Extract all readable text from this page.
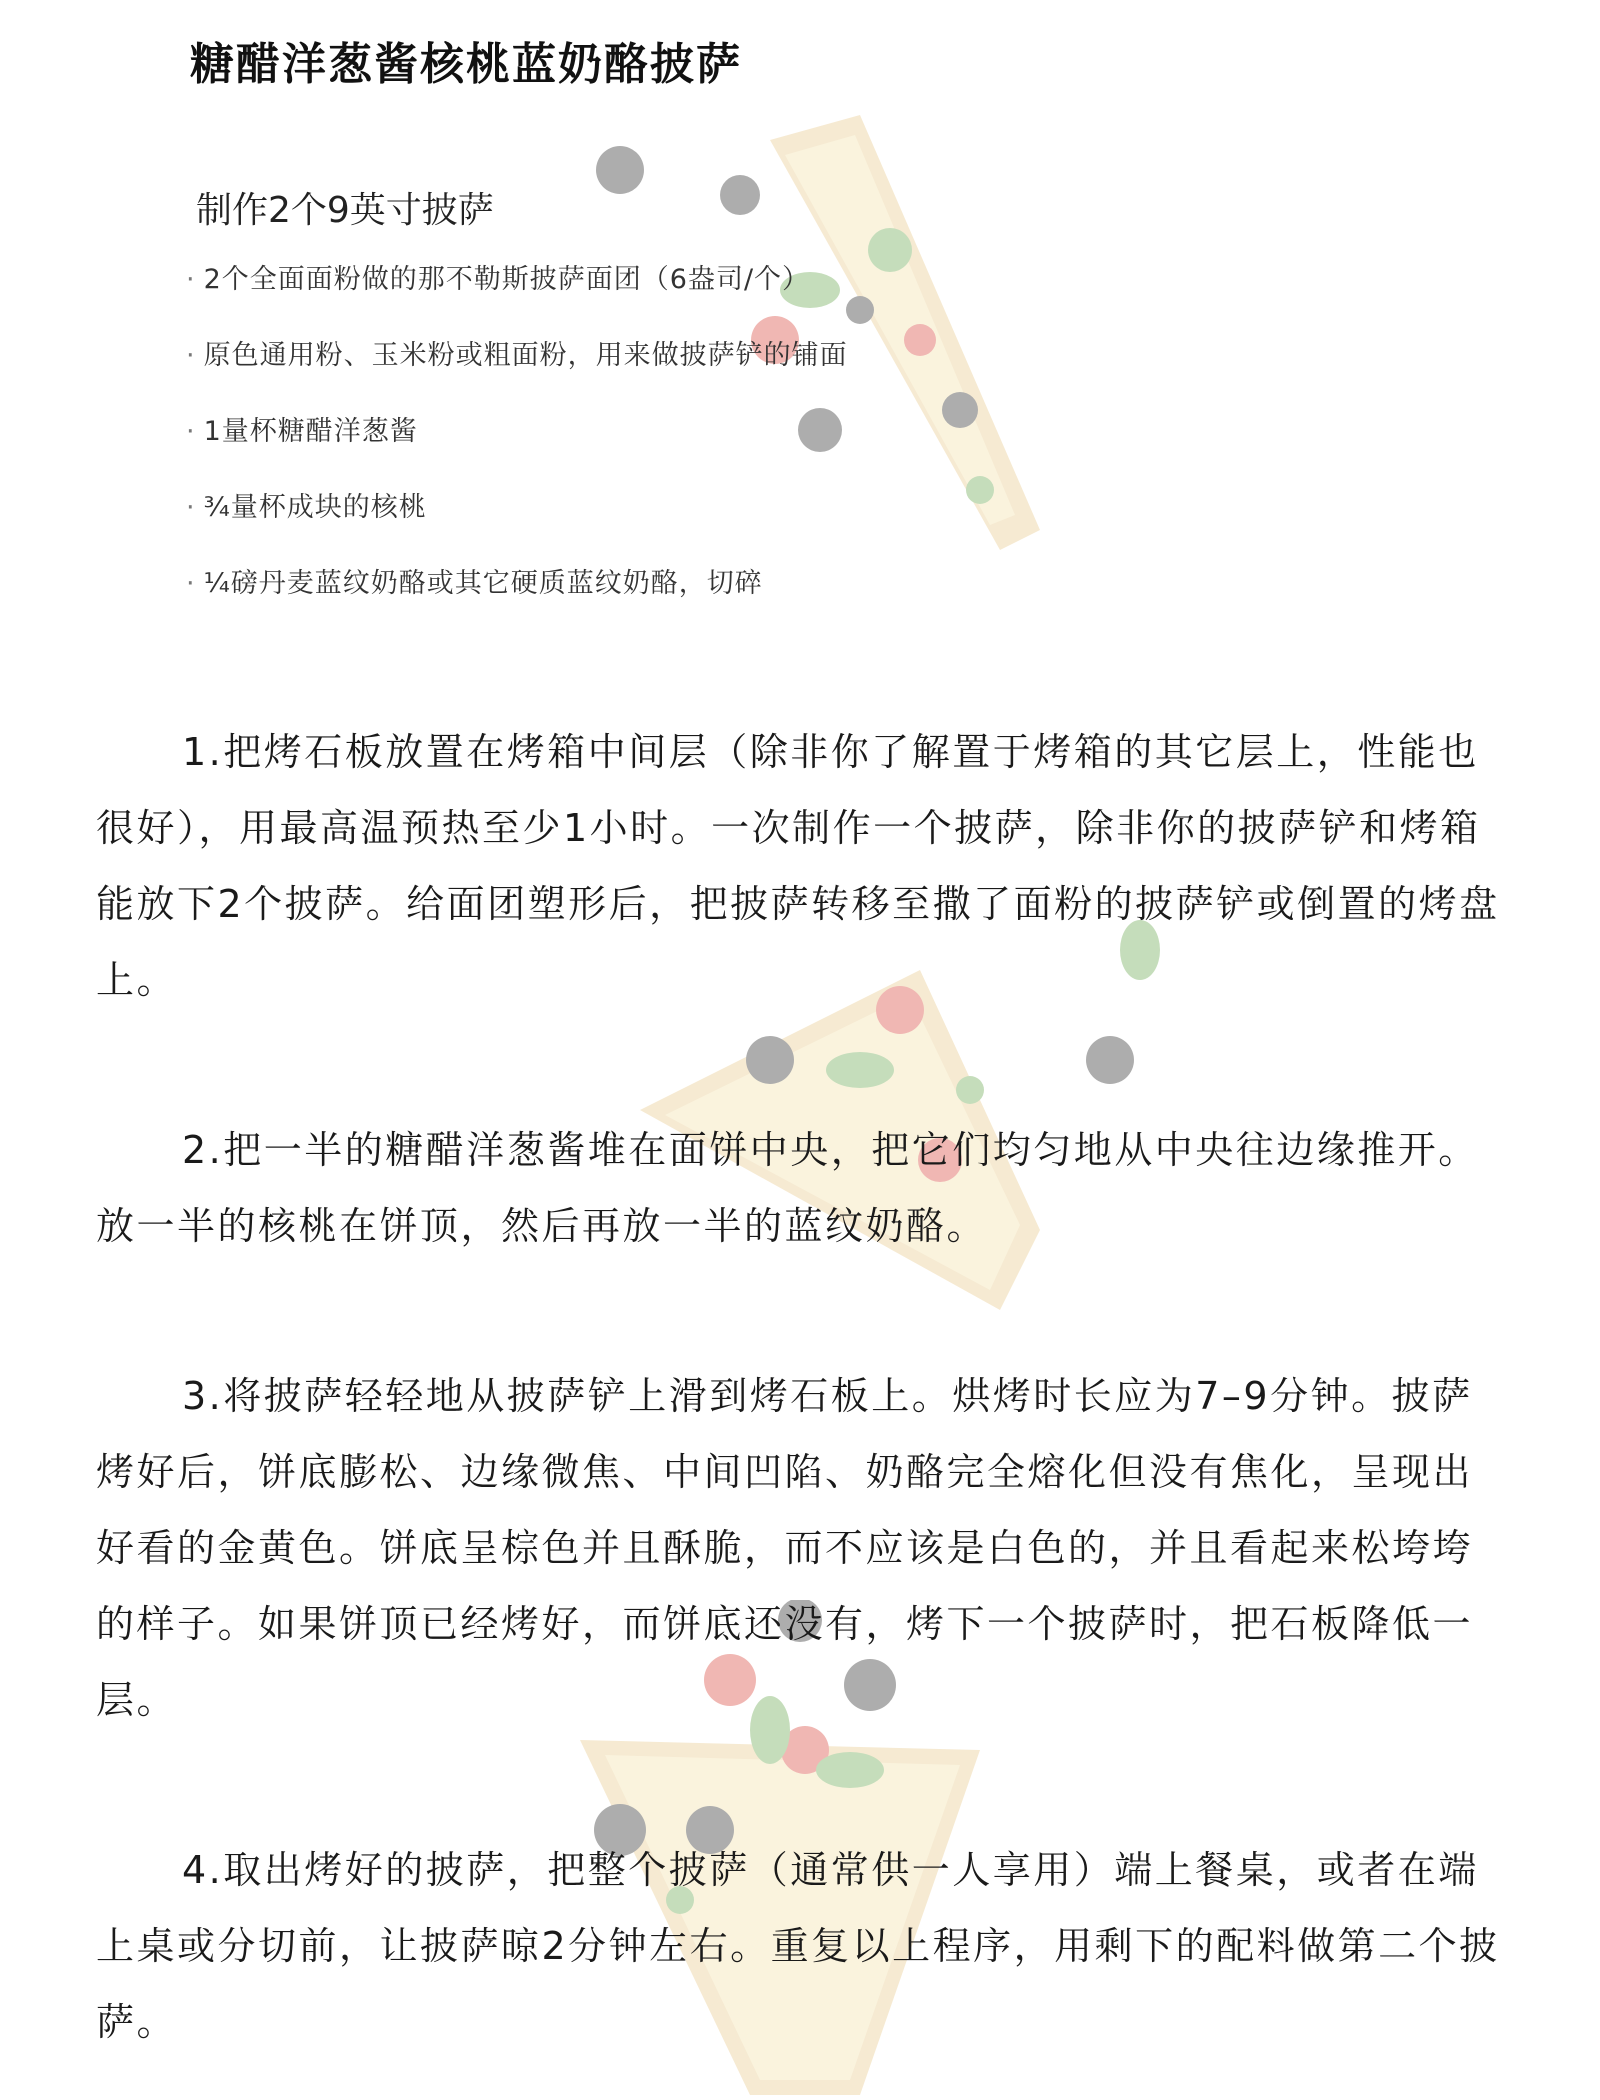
糖醋洋葱酱核桃蓝奶酪披萨
制作2个9英寸披萨
· 2个全面面粉做的那不勒斯披萨面团（6盎司/个）
· 原色通用粉、玉米粉或粗面粉，用来做披萨铲的铺面
· 1量杯糖醋洋葱酱
· ¾量杯成块的核桃
· ¼磅丹麦蓝纹奶酪或其它硬质蓝纹奶酪，切碎

1.把烤石板放置在烤箱中间层（除非你了解置于烤箱的其它层上，性能也很好），用最高温预热至少1小时。一次制作一个披萨，除非你的披萨铲和烤箱能放下2个披萨。给面团塑形后，把披萨转移至撒了面粉的披萨铲或倒置的烤盘上。

2.把一半的糖醋洋葱酱堆在面饼中央，把它们均匀地从中央往边缘推开。放一半的核桃在饼顶，然后再放一半的蓝纹奶酪。

3.将披萨轻轻地从披萨铲上滑到烤石板上。烘烤时长应为7–9分钟。披萨烤好后，饼底膨松、边缘微焦、中间凹陷、奶酪完全熔化但没有焦化，呈现出好看的金黄色。饼底呈棕色并且酥脆，而不应该是白色的，并且看起来松垮垮的样子。如果饼顶已经烤好，而饼底还没有，烤下一个披萨时，把石板降低一层。

4.取出烤好的披萨，把整个披萨（通常供一人享用）端上餐桌，或者在端上桌或分切前，让披萨晾2分钟左右。重复以上程序，用剩下的配料做第二个披萨。
